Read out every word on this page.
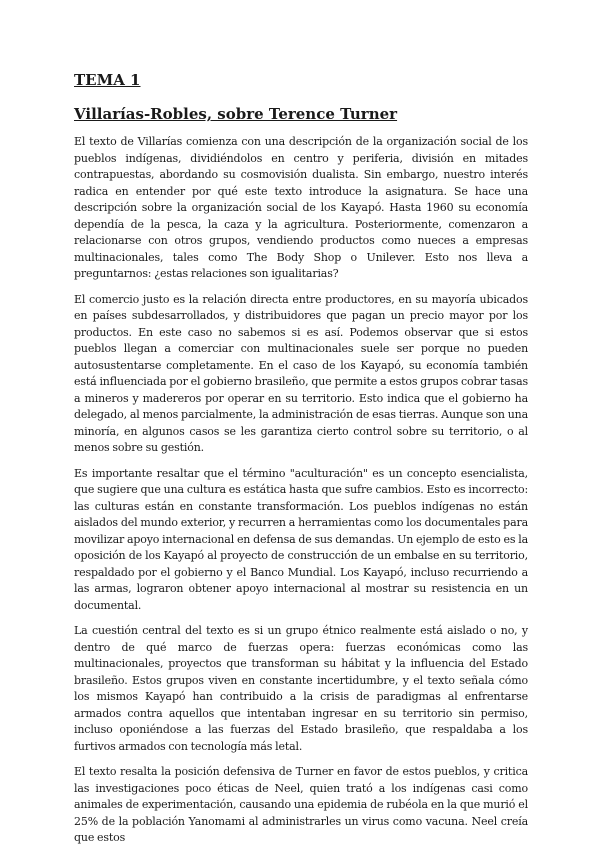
TEMA 1
Villarías-Robles, sobre Terence Turner

El texto de Villarías comienza con una descripción de la organización social de los pueblos indígenas, dividiéndolos en centro y periferia, división en mitades contrapuestas, abordando su cosmovisión dualista. Sin embargo, nuestro interés radica en entender por qué este texto introduce la asignatura. Se hace una descripción sobre la organización social de los Kayapó. Hasta 1960 su economía dependía de la pesca, la caza y la agricultura. Posteriormente, comenzaron a relacionarse con otros grupos, vendiendo productos como nueces a empresas multinacionales, tales como The Body Shop o Unilever. Esto nos lleva a preguntarnos: ¿estas relaciones son igualitarias?

El comercio justo es la relación directa entre productores, en su mayoría ubicados en países subdesarrollados, y distribuidores que pagan un precio mayor por los productos. En este caso no sabemos si es así. Podemos observar que si estos pueblos llegan a comerciar con multinacionales suele ser porque no pueden autosustentarse completamente. En el caso de los Kayapó, su economía también está influenciada por el gobierno brasileño, que permite a estos grupos cobrar tasas a mineros y madereros por operar en su territorio. Esto indica que el gobierno ha delegado, al menos parcialmente, la administración de esas tierras. Aunque son una minoría, en algunos casos se les garantiza cierto control sobre su territorio, o al menos sobre su gestión.

Es importante resaltar que el término "aculturación" es un concepto esencialista, que sugiere que una cultura es estática hasta que sufre cambios. Esto es incorrecto: las culturas están en constante transformación. Los pueblos indígenas no están aislados del mundo exterior, y recurren a herramientas como los documentales para movilizar apoyo internacional en defensa de sus demandas. Un ejemplo de esto es la oposición de los Kayapó al proyecto de construcción de un embalse en su territorio, respaldado por el gobierno y el Banco Mundial. Los Kayapó, incluso recurriendo a las armas, lograron obtener apoyo internacional al mostrar su resistencia en un documental.

La cuestión central del texto es si un grupo étnico realmente está aislado o no, y dentro de qué marco de fuerzas opera: fuerzas económicas como las multinacionales, proyectos que transforman su hábitat y la influencia del Estado brasileño. Estos grupos viven en constante incertidumbre, y el texto señala cómo los mismos Kayapó han contribuido a la crisis de paradigmas al enfrentarse armados contra aquellos que intentaban ingresar en su territorio sin permiso, incluso oponiéndose a las fuerzas del Estado brasileño, que respaldaba a los furtivos armados con tecnología más letal.

El texto resalta la posición defensiva de Turner en favor de estos pueblos, y critica las investigaciones poco éticas de Neel, quien trató a los indígenas casi como animales de experimentación, causando una epidemia de rubéola en la que murió el 25% de la población Yanomami al administrarles un virus como vacuna. Neel creía que estos
